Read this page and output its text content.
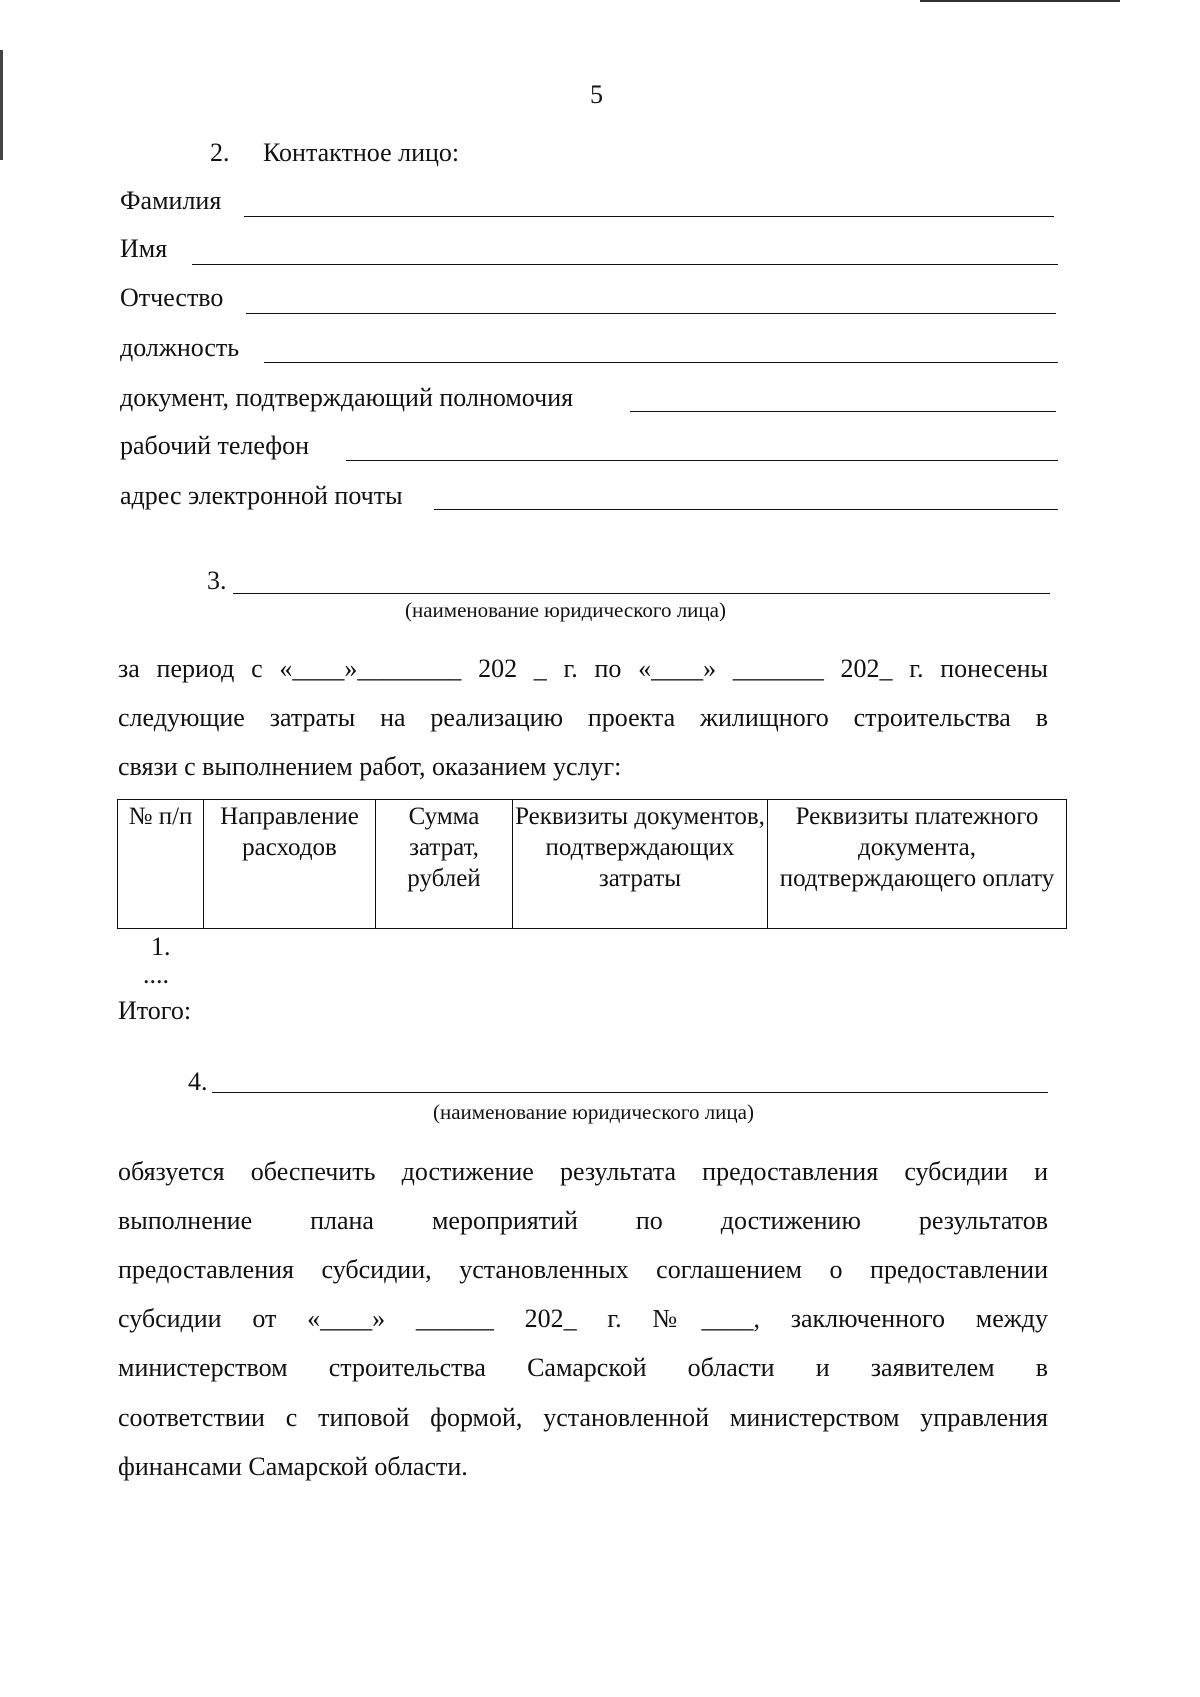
5
2. Контактное лицо:
Фамилия
Имя
Отчество
должность
документ, подтверждающий полномочия
рабочий телефон
адрес электронной почты
3.
(наименование юридического лица)
за период с «____»________ 202 _ г. по «____» _______ 202_ г. понесены
следующие затраты на реализацию проекта жилищного строительства в
связи с выполнением работ, оказанием услуг:
№ п/п	Направление расходов	Сумма затрат, рублей	Реквизиты документов, подтверждающих затраты	Реквизиты платежного документа, подтверждающего оплату
1.
....
Итого:
4.
(наименование юридического лица)
обязуется обеспечить достижение результата предоставления субсидии и
выполнение плана мероприятий по достижению результатов
предоставления субсидии, установленных соглашением о предоставлении
субсидии от «____» ______ 202_ г. №____, заключенного между
министерством строительства Самарской области и заявителем в
соответствии с типовой формой, установленной министерством управления
финансами Самарской области.
